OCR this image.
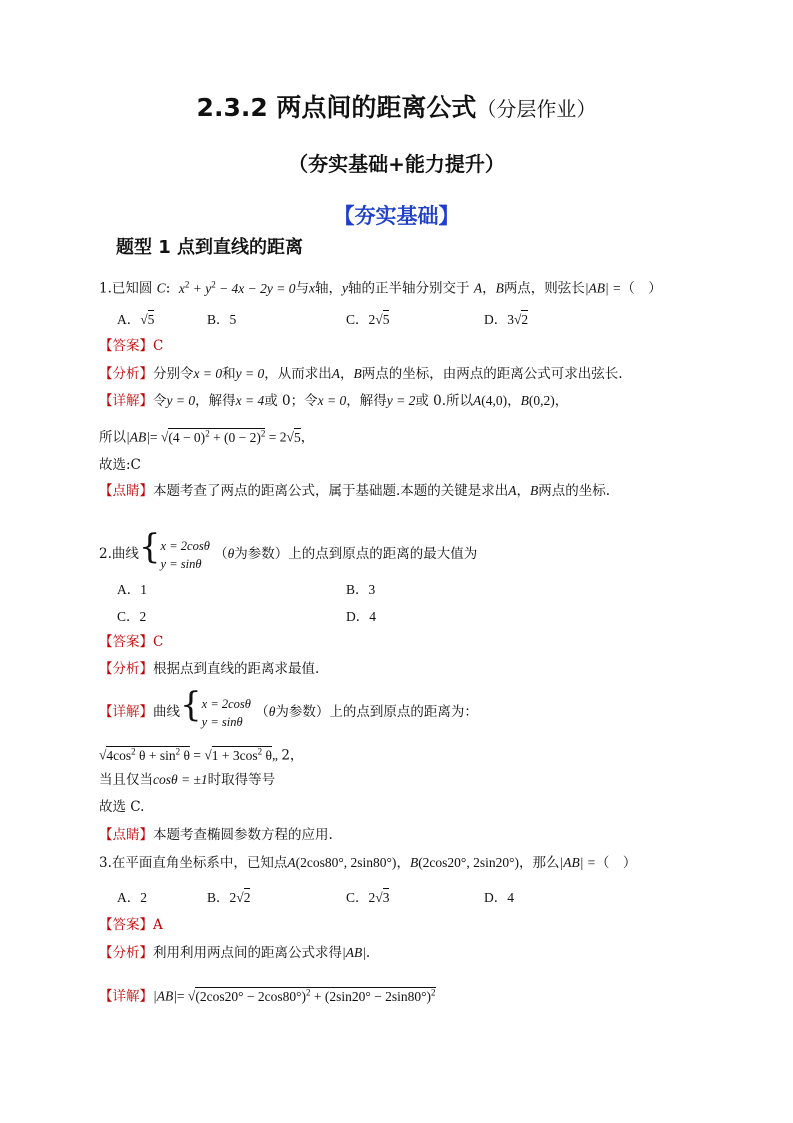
2.3.2 两点间的距离公式（分层作业）
（夯实基础+能力提升）
【夯实基础】
题型 1 点到直线的距离
1.已知圆 C:  $x^2 + y^2 - 4x - 2y = 0$与x轴，y轴的正半轴分别交于 A，B两点，则弦长|AB| =（　）
A．√5	B．5	C．2√5	D．3√2
【答案】C
【分析】分别令x = 0和y = 0，从而求出A，B两点的坐标，由两点的距离公式可求出弦长.
【详解】令y = 0，解得x = 4或 0；令x = 0，解得y = 2或 0.所以A(4,0)，B(0,2)，
所以$|AB|= √(4 - 0)^2 + (0 - 2)^2 = 2√5$，
故选:C
【点睛】本题考查了两点的距离公式，属于基础题.本题的关键是求出A，B两点的坐标.
2.曲线{x = 2cosθ
y = sinθ （θ为参数）上的点到原点的距离的最大值为
A．1	B．3
C．2	D．4
【答案】C
【分析】根据点到直线的距离求最值.
【详解】曲线{x = 2cosθ
y = sinθ （θ为参数）上的点到原点的距离为：
$√4\cos^2$ $\theta + \sin^2 \theta = √1 + 3\cos^2$ θ„ 2，
当且仅当cosθ = ±1时取得等号
故选 C.
【点睛】本题考查椭圆参数方程的应用.
3.在平面直角坐标系中，已知点A(2cos80°, 2sin80°)，B(2cos20°, 2sin20°)，那么|AB| =（　）
A．2	B．2√2	C．2√3	D．4
【答案】A
【分析】利用利用两点间的距离公式求得|AB|.
【详解】$|AB|= √(2\cos 20^\circ - 2\cos 80^\circ)^2 + (2\sin 20^\circ - 2\sin 80^\circ)^2$
